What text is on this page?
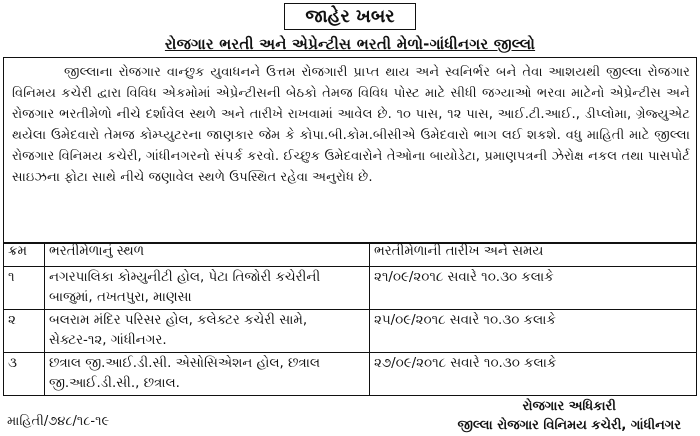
જાહેર ખબર
રોજગાર ભરતી અને એપ્રેન્ટીસ ભરતી મેળો-ગાંધીનગર જીલ્લો
જીલ્લાના રોજગાર વાન્છુક યુવાધનને ઉત્તમ રોજગારી પ્રાપ્ત થાય અને સ્વનિર્ભર બને તેવા આશયથી જીલ્લા રોજગાર વિનિમય કચેરી દ્વારા વિવિધ એકમોમાં એપ્રેન્ટીસની બેઠકો તેમજ વિવિધ પોસ્ટ માટે સીધી જગ્યાઓ ભરવા માટેનો એપ્રેન્ટીસ અને રોજગાર ભરતીમેળો નીચે દર્શાવેલ સ્થળે અને તારીખે રાખવામાં આવેલ છે. ૧૦ પાસ, ૧૨ પાસ, આઈ.ટી.આઈ., ડીપ્લોમા, ગ્રેજ્યુએટ થયેલા ઉમેદવારો તેમજ કોમ્પ્યુટરના જાણકાર જેમ કે કોપા.બી.કોમ.બીસીએ ઉમેદવારો ભાગ લઈ શકશે. વધુ માહિતી માટે જીલ્લા રોજગાર વિનિમય કચેરી, ગાંધીનગરનો સંપર્ક કરવો. ઈચ્છુક ઉમેદવારોને તેઓના બાયોડેટા, પ્રમાણપત્રની ઝેરોક્ષ નકલ તથા પાસપોર્ટ સાઇઝના ફોટા સાથે નીચે જણાવેલ સ્થળે ઉપસ્થિત રહેવા અનુરોધ છે.
ક્રમ	ભરતીમેળાનું સ્થળ	ભરતીમેળાની તારીખ અને સમય
૧	નગરપાલિકા કોમ્યુનીટી હોલ, પેટા તિજોરી કચેરીની બાજુમાં, તખતપુરા, માણસા	૨૧/૦૯/૨૦૧૮ સવારે ૧૦.૩૦ કલાકે
૨	બલરામ મંદિર પરિસર હોલ, કલેક્ટર કચેરી સામે, સેક્ટર-૧૨, ગાંધીનગર.	૨૫/૦૯/૨૦૧૮ સવારે ૧૦.૩૦ કલાકે
૩	છત્રાલ જી.આઈ.ડી.સી. એસોસિએશન હોલ, છત્રાલ જી.આઈ.ડી.સી., છત્રાલ.	૨૭/૦૯/૨૦૧૮ સવારે ૧૦.૩૦ કલાકે
માહિતી/૭૪૮/૧૮-૧૯
રોજગાર અધિકારી
જીલ્લા રોજગાર વિનિમય કચેરી, ગાંધીનગર
